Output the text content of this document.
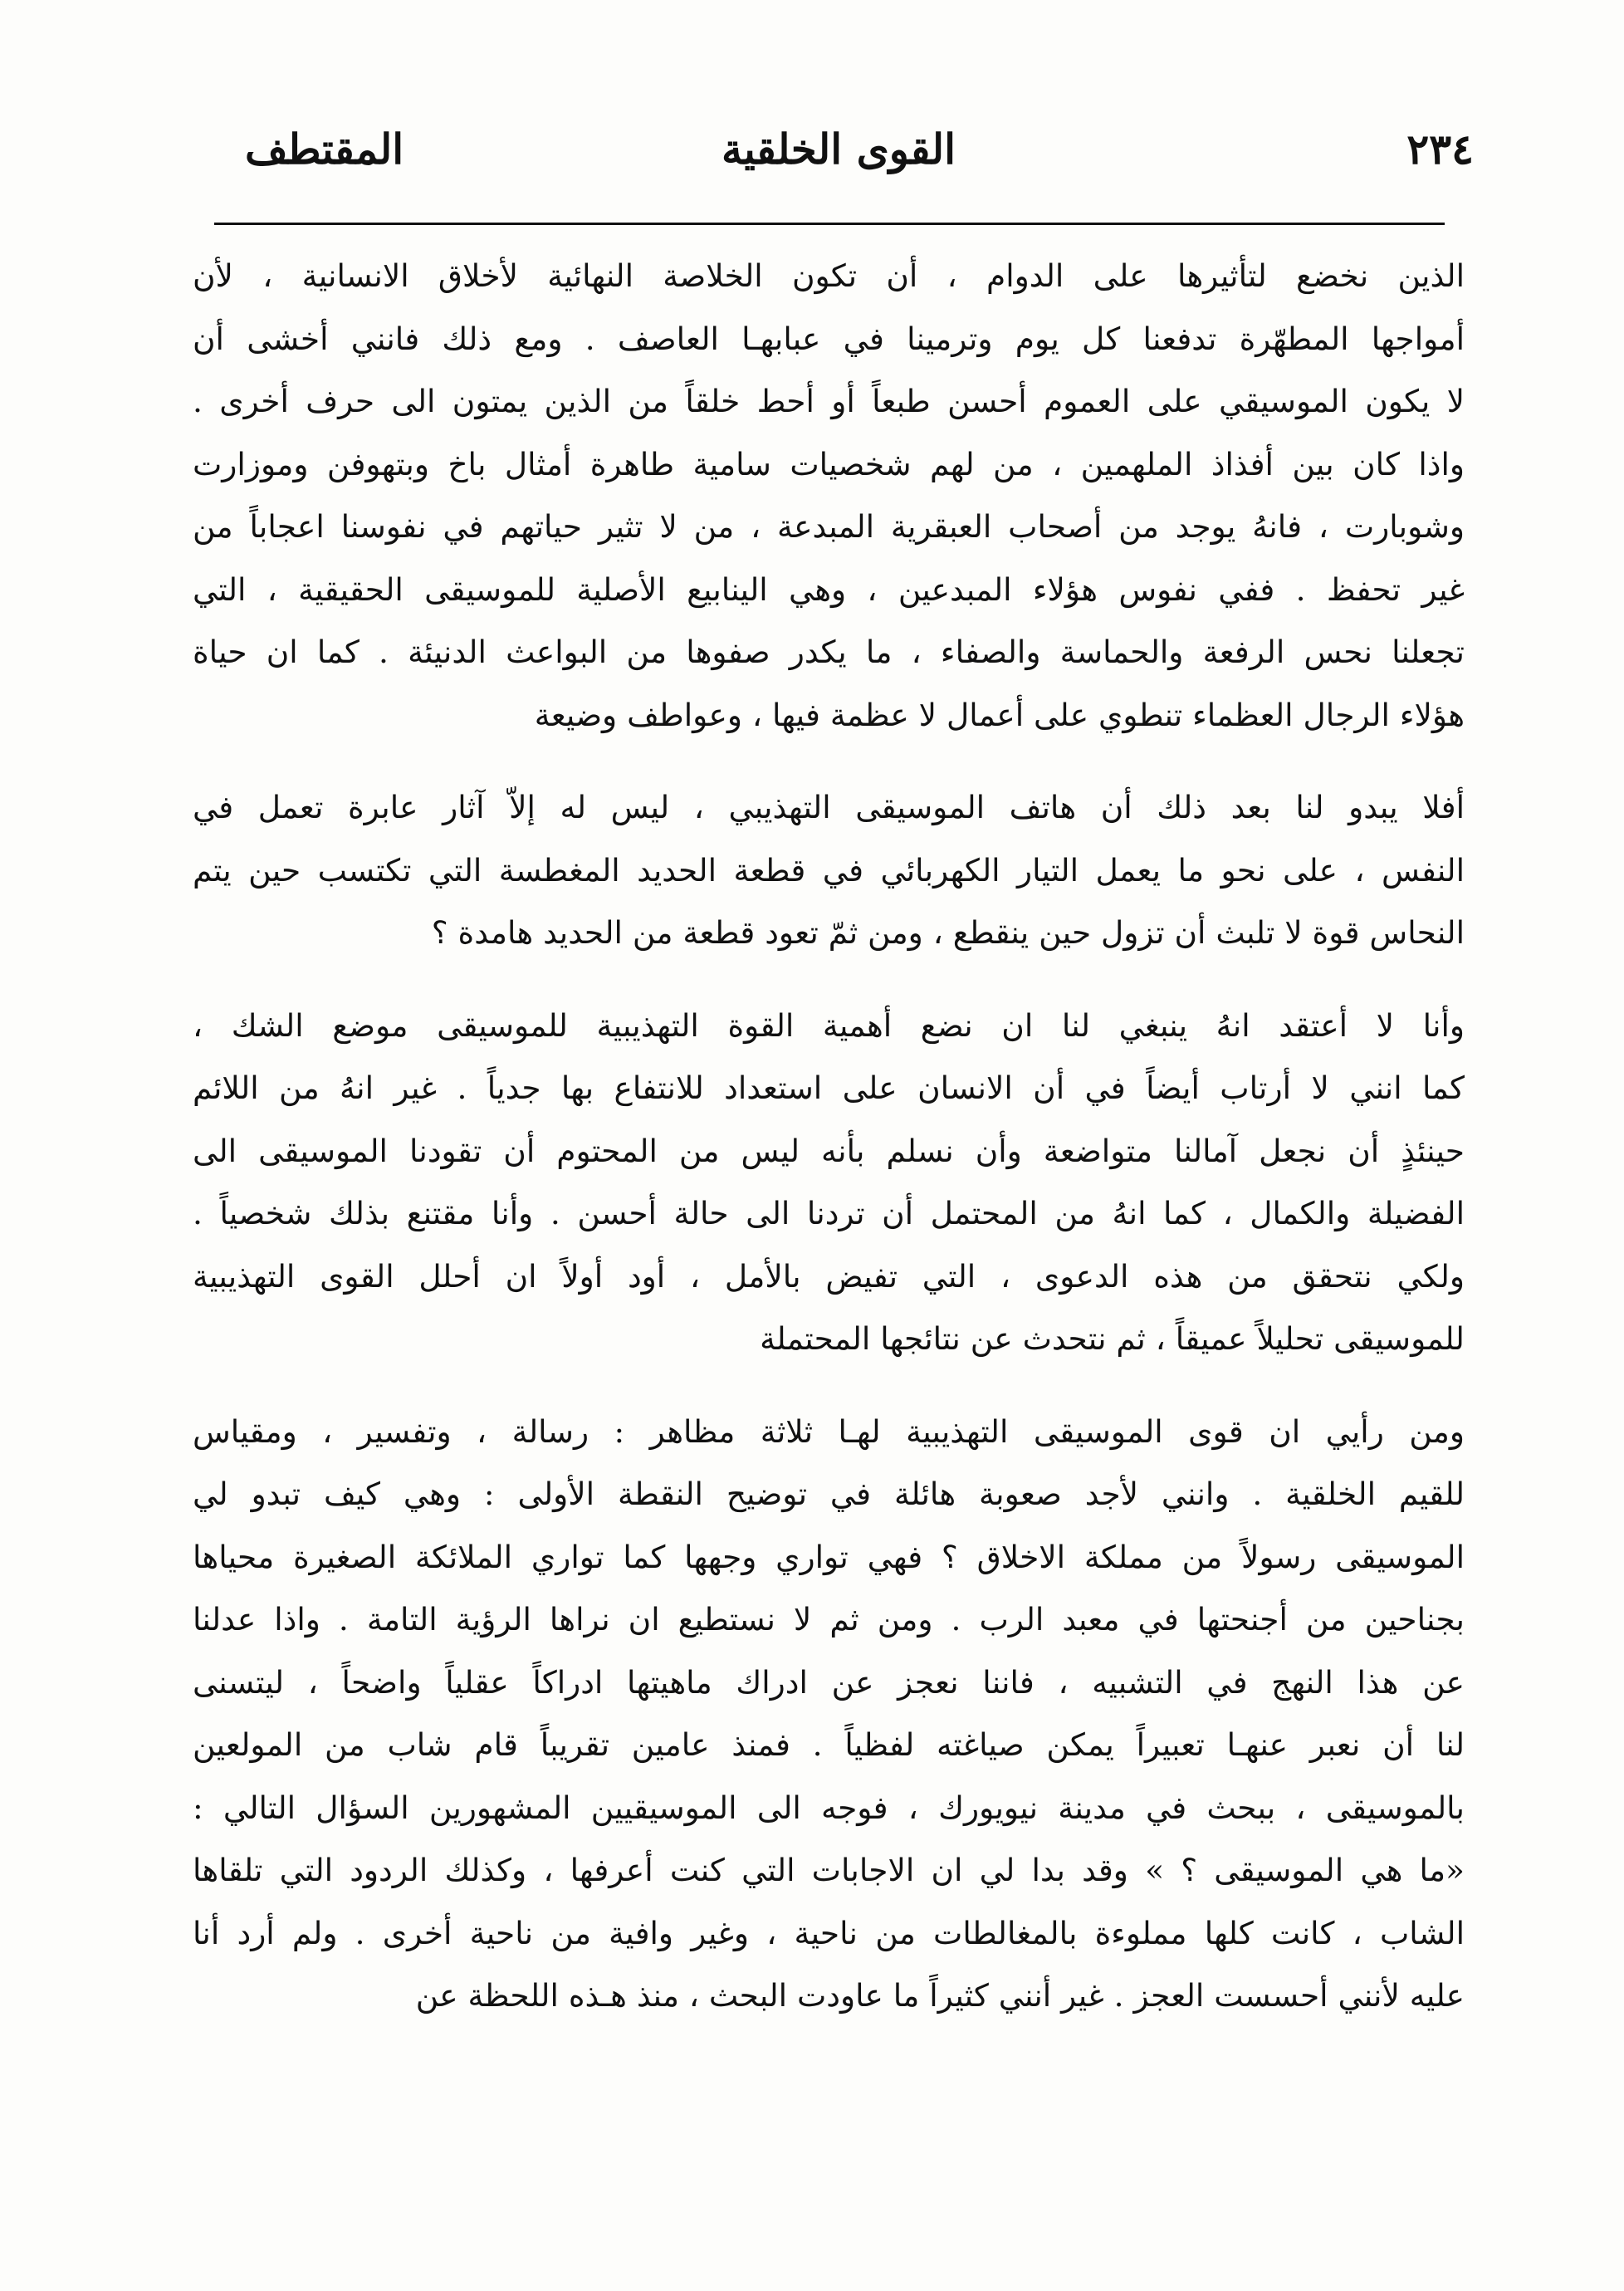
٢٣٤
القوى الخلقية
المقتطف
الذين نخضع لتأثيرها على الدوام ، أن تكون الخلاصة النهائية لأخلاق الانسانية ، لأن
أمواجها المطهّرة تدفعنا كل يوم وترمينا في عبابهـا العاصف . ومع ذلك فانني أخشى أن
لا يكون الموسيقي على العموم أحسن طبعاً أو أحط خلقاً من الذين يمتون الى حرف أخرى .
واذا كان بين أفذاذ الملهمين ، من لهم شخصيات سامية طاهرة أمثال باخ وبتهوفن وموزارت
وشوبارت ، فانهُ يوجد من أصحاب العبقرية المبدعة ، من لا تثير حياتهم في نفوسنا اعجاباً من
غير تحفظ . ففي نفوس هؤلاء المبدعين ، وهي الينابيع الأصلية للموسيقى الحقيقية ، التي
تجعلنا نحس الرفعة والحماسة والصفاء ، ما يكدر صفوها من البواعث الدنيئة . كما ان حياة
هؤلاء الرجال العظماء تنطوي على أعمال لا عظمة فيها ، وعواطف وضيعة
أفلا يبدو لنا بعد ذلك أن هاتف الموسيقى التهذيبي ، ليس له إلاّ آثار عابرة تعمل في
النفس ، على نحو ما يعمل التيار الكهربائي في قطعة الحديد المغطسة التي تكتسب حين يتم
النحاس قوة لا تلبث أن تزول حين ينقطع ، ومن ثمّ تعود قطعة من الحديد هامدة ؟
وأنا لا أعتقد انهُ ينبغي لنا ان نضع أهمية القوة التهذيبية للموسيقى موضع الشك ،
كما انني لا أرتاب أيضاً في أن الانسان على استعداد للانتفاع بها جدياً . غير انهُ من اللائم
حينئذٍ أن نجعل آمالنا متواضعة وأن نسلم بأنه ليس من المحتوم أن تقودنا الموسيقى الى
الفضيلة والكمال ، كما انهُ من المحتمل أن تردنا الى حالة أحسن . وأنا مقتنع بذلك شخصياً .
ولكي نتحقق من هذه الدعوى ، التي تفيض بالأمل ، أود أولاً ان أحلل القوى التهذيبية
للموسيقى تحليلاً عميقاً ، ثم نتحدث عن نتائجها المحتملة
ومن رأيي ان قوى الموسيقى التهذيبية لهـا ثلاثة مظاهر : رسالة ، وتفسير ، ومقياس
للقيم الخلقية . وانني لأجد صعوبة هائلة في توضيح النقطة الأولى : وهي كيف تبدو لي
الموسيقى رسولاً من مملكة الاخلاق ؟ فهي تواري وجهها كما تواري الملائكة الصغيرة محياها
بجناحين من أجنحتها في معبد الرب . ومن ثم لا نستطيع ان نراها الرؤية التامة . واذا عدلنا
عن هذا النهج في التشبيه ، فاننا نعجز عن ادراك ماهيتها ادراكاً عقلياً واضحاً ، ليتسنى
لنا أن نعبر عنهـا تعبيراً يمكن صياغته لفظياً . فمنذ عامين تقريباً قام شاب من المولعين
بالموسيقى ، ببحث في مدينة نيويورك ، فوجه الى الموسيقيين المشهورين السؤال التالي :
«ما هي الموسيقى ؟ » وقد بدا لي ان الاجابات التي كنت أعرفها ، وكذلك الردود التي تلقاها
الشاب ، كانت كلها مملوءة بالمغالطات من ناحية ، وغير وافية من ناحية أخرى . ولم أرد أنا
عليه لأنني أحسست العجز . غير أنني كثيراً ما عاودت البحث ، منذ هـذه اللحظة عن
